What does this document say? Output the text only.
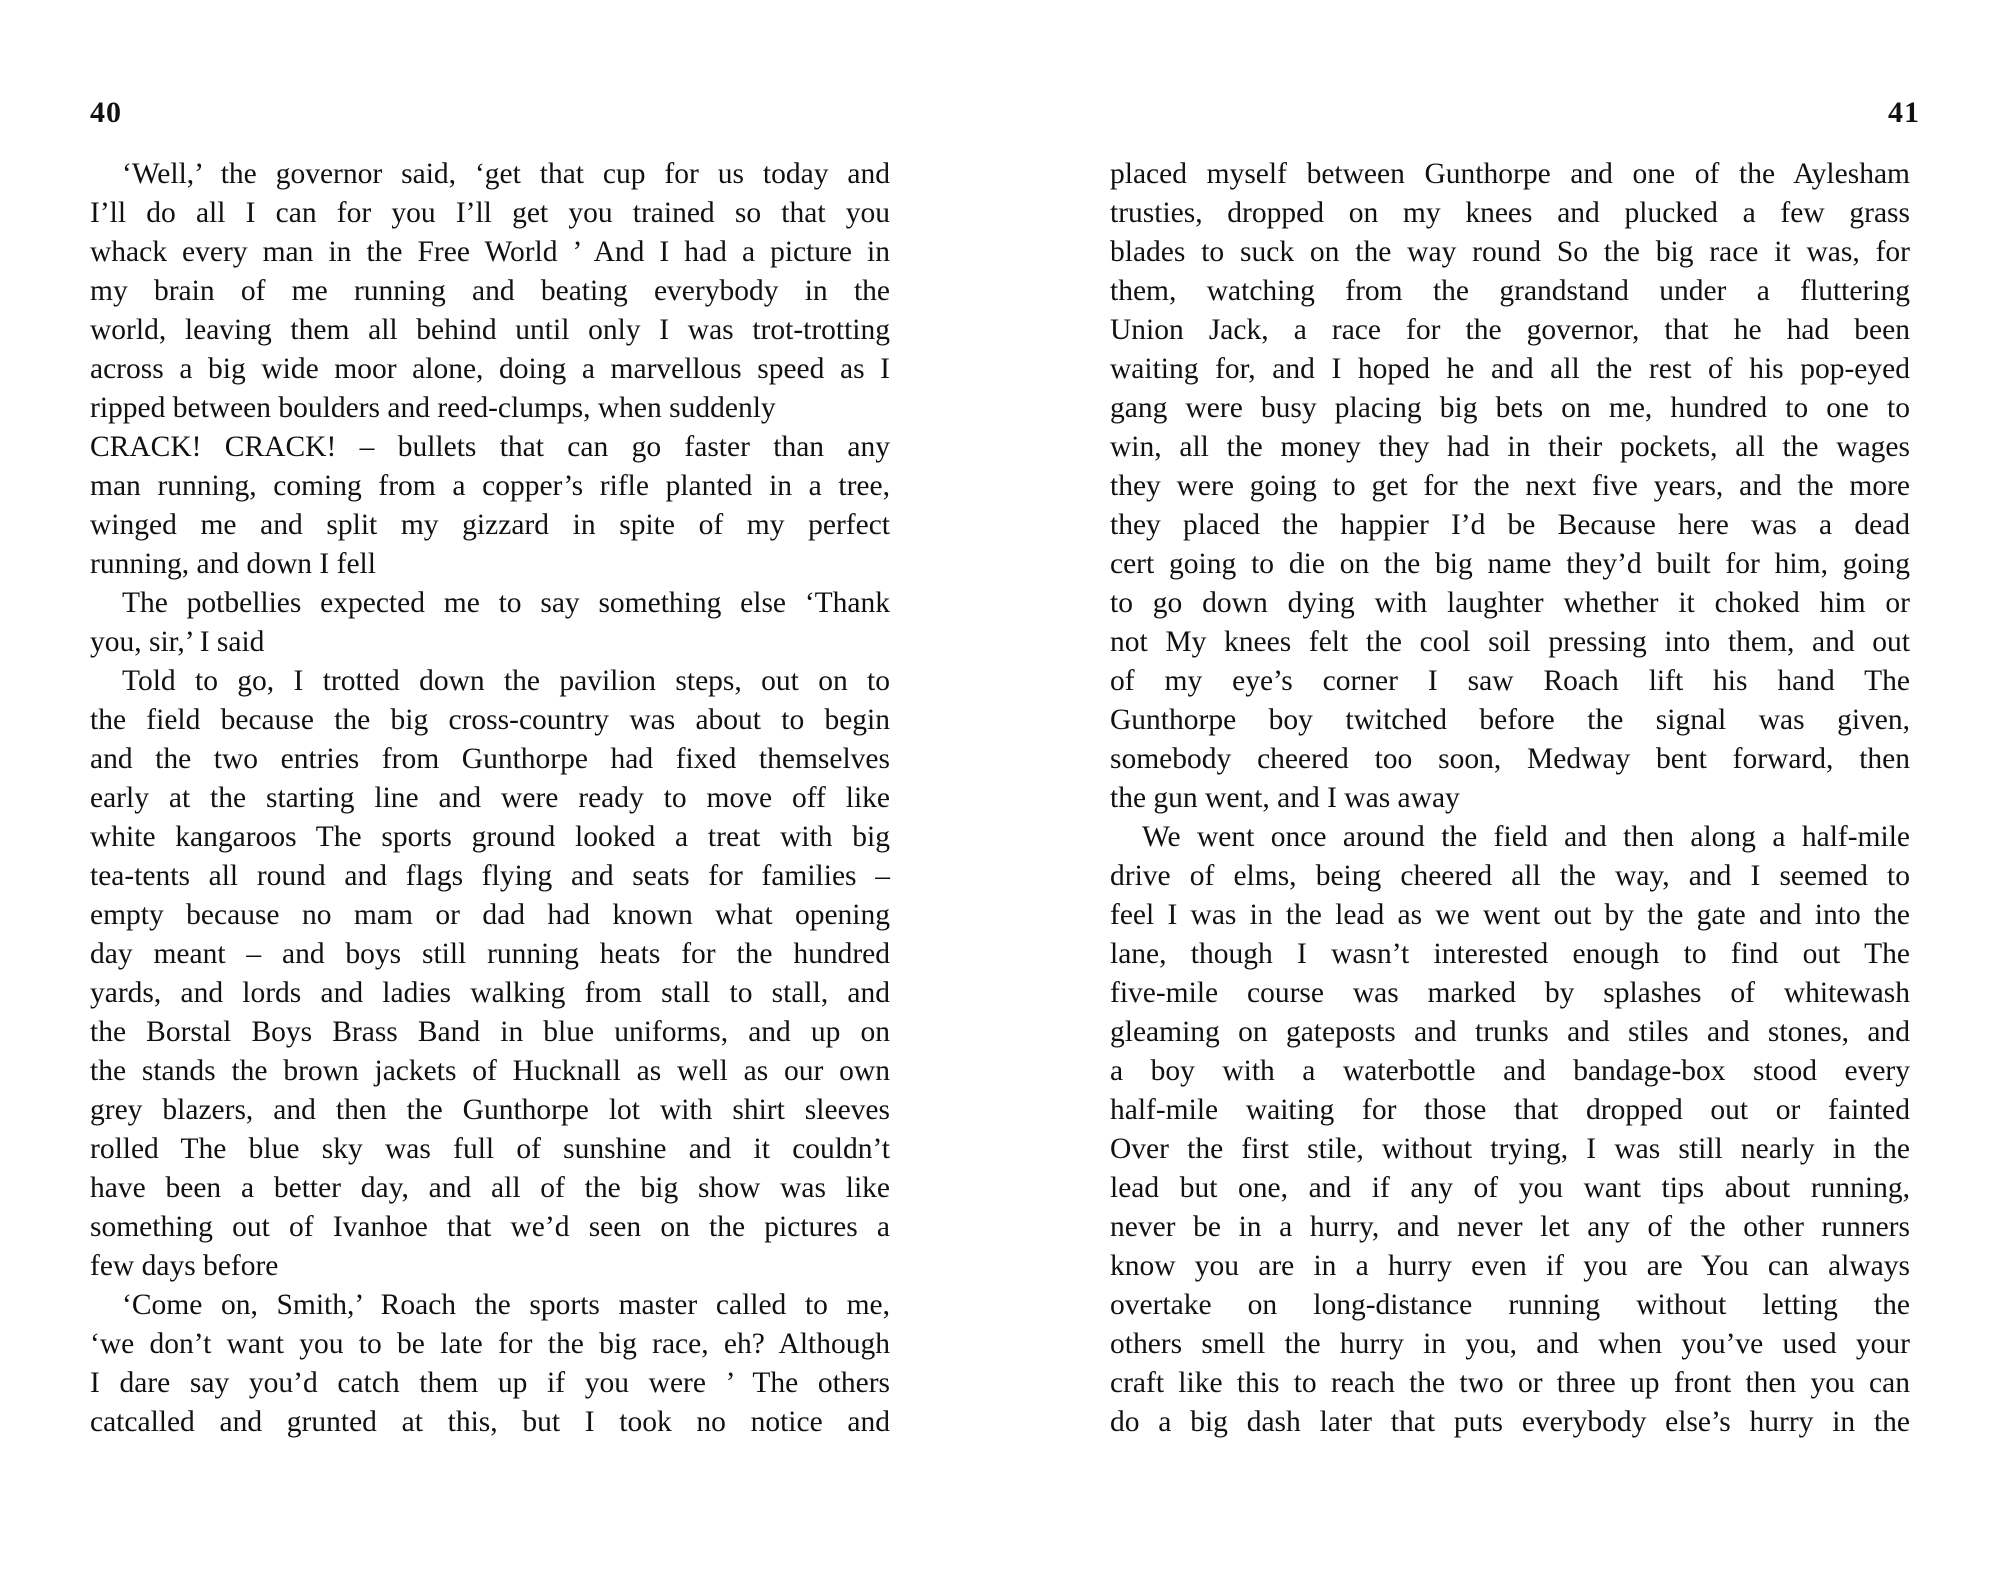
40
‘Well,’ the governor said, ‘get that cup for us today and
I’ll do all I can for you I’ll get you trained so that you
whack every man in the Free World ’ And I had a picture in
my brain of me running and beating everybody in the
world, leaving them all behind until only I was trot-trotting
across a big wide moor alone, doing a marvellous speed as I
ripped between boulders and reed-clumps, when suddenly
CRACK! CRACK! – bullets that can go faster than any
man running, coming from a copper’s rifle planted in a tree,
winged me and split my gizzard in spite of my perfect
running, and down I fell
The potbellies expected me to say something else ‘Thank
you, sir,’ I said
Told to go, I trotted down the pavilion steps, out on to
the field because the big cross-country was about to begin
and the two entries from Gunthorpe had fixed themselves
early at the starting line and were ready to move off like
white kangaroos The sports ground looked a treat with big
tea-tents all round and flags flying and seats for families –
empty because no mam or dad had known what opening
day meant – and boys still running heats for the hundred
yards, and lords and ladies walking from stall to stall, and
the Borstal Boys Brass Band in blue uniforms, and up on
the stands the brown jackets of Hucknall as well as our own
grey blazers, and then the Gunthorpe lot with shirt sleeves
rolled The blue sky was full of sunshine and it couldn’t
have been a better day, and all of the big show was like
something out of Ivanhoe that we’d seen on the pictures a
few days before
‘Come on, Smith,’ Roach the sports master called to me,
‘we don’t want you to be late for the big race, eh? Although
I dare say you’d catch them up if you were ’ The others
catcalled and grunted at this, but I took no notice and
41
placed myself between Gunthorpe and one of the Aylesham
trusties, dropped on my knees and plucked a few grass
blades to suck on the way round So the big race it was, for
them, watching from the grandstand under a fluttering
Union Jack, a race for the governor, that he had been
waiting for, and I hoped he and all the rest of his pop-eyed
gang were busy placing big bets on me, hundred to one to
win, all the money they had in their pockets, all the wages
they were going to get for the next five years, and the more
they placed the happier I’d be Because here was a dead
cert going to die on the big name they’d built for him, going
to go down dying with laughter whether it choked him or
not My knees felt the cool soil pressing into them, and out
of my eye’s corner I saw Roach lift his hand The
Gunthorpe boy twitched before the signal was given,
somebody cheered too soon, Medway bent forward, then
the gun went, and I was away
We went once around the field and then along a half-mile
drive of elms, being cheered all the way, and I seemed to
feel I was in the lead as we went out by the gate and into the
lane, though I wasn’t interested enough to find out The
five-mile course was marked by splashes of whitewash
gleaming on gateposts and trunks and stiles and stones, and
a boy with a waterbottle and bandage-box stood every
half-mile waiting for those that dropped out or fainted
Over the first stile, without trying, I was still nearly in the
lead but one, and if any of you want tips about running,
never be in a hurry, and never let any of the other runners
know you are in a hurry even if you are You can always
overtake on long-distance running without letting the
others smell the hurry in you, and when you’ve used your
craft like this to reach the two or three up front then you can
do a big dash later that puts everybody else’s hurry in the
